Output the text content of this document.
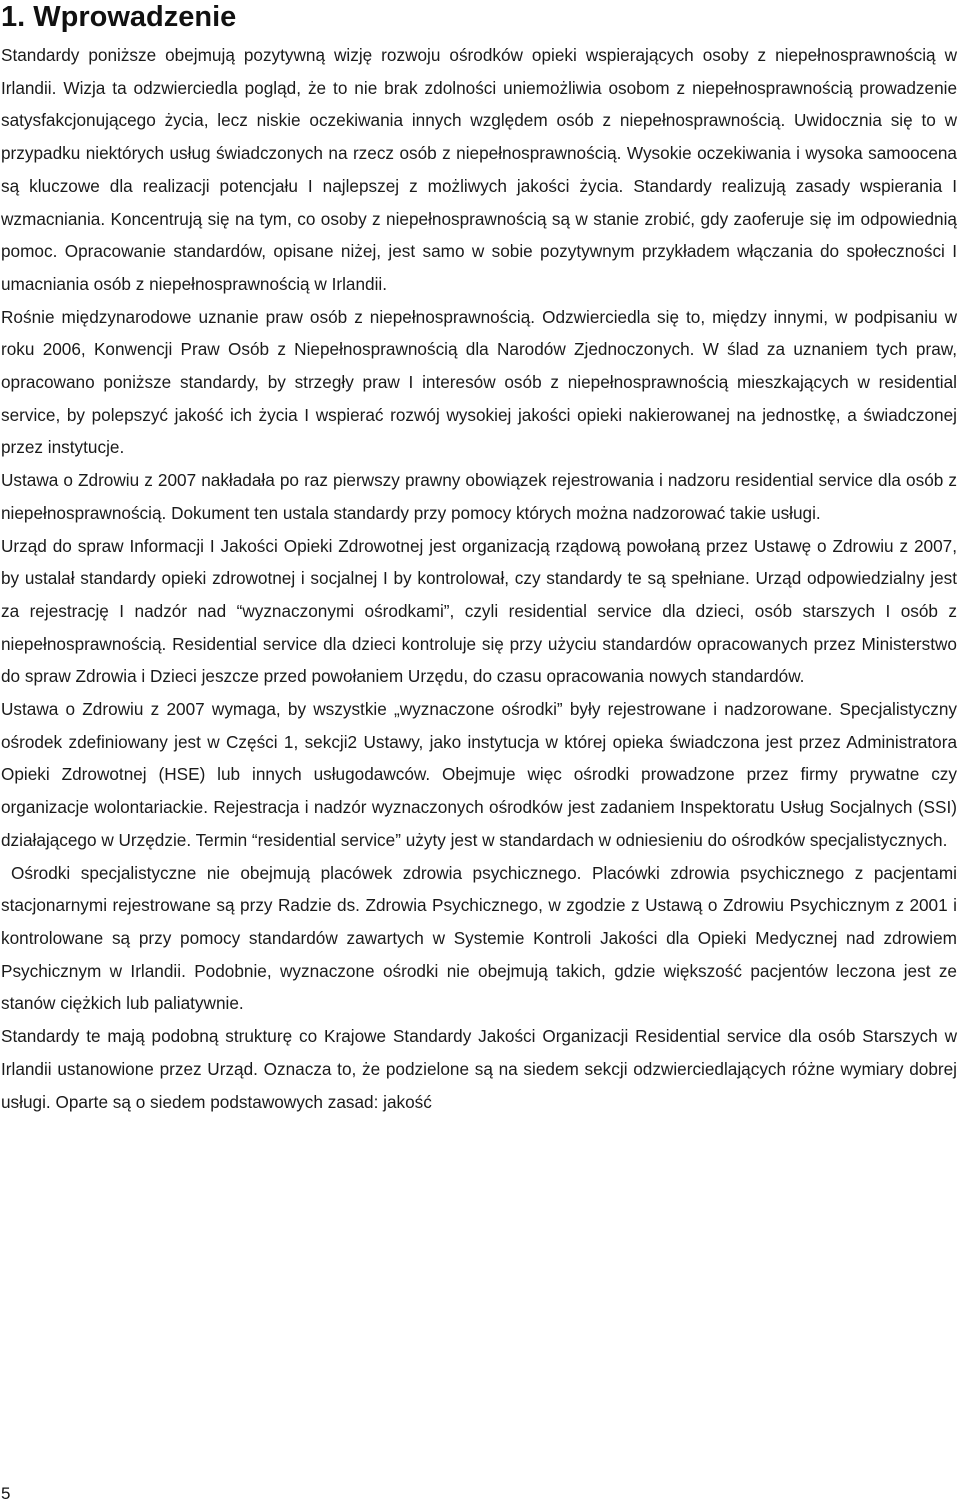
1. Wprowadzenie

Standardy poniższe obejmują pozytywną wizję rozwoju ośrodków opieki wspierających osoby z niepełnosprawnością w Irlandii. Wizja ta odzwierciedla pogląd, że to nie brak zdolności uniemożliwia osobom z niepełnosprawnością prowadzenie satysfakcjonującego życia, lecz niskie oczekiwania innych względem osób z niepełnosprawnością. Uwidocznia się to w przypadku niektórych usług świadczonych na rzecz osób z niepełnosprawnością. Wysokie oczekiwania i wysoka samoocena są kluczowe dla realizacji potencjału I najlepszej z możliwych jakości życia. Standardy realizują zasady wspierania I wzmacniania. Koncentrują się na tym, co osoby z niepełnosprawnością są w stanie zrobić, gdy zaoferuje się im odpowiednią pomoc. Opracowanie standardów, opisane niżej, jest samo w sobie pozytywnym przykładem włączania do społeczności I umacniania osób z niepełnosprawnością w Irlandii.

Rośnie międzynarodowe uznanie praw osób z niepełnosprawnością. Odzwierciedla się to, między innymi, w podpisaniu w roku 2006, Konwencji Praw Osób z Niepełnosprawnością dla Narodów Zjednoczonych. W ślad za uznaniem tych praw, opracowano poniższe standardy, by strzegły praw I interesów osób z niepełnosprawnością mieszkających w residential service, by polepszyć jakość ich życia I wspierać rozwój wysokiej jakości opieki nakierowanej na jednostkę, a świadczonej przez instytucje.

Ustawa o Zdrowiu z 2007 nakładała po raz pierwszy prawny obowiązek rejestrowania i nadzoru residential service dla osób z niepełnosprawnością. Dokument ten ustala standardy przy pomocy których można nadzorować takie usługi.

Urząd do spraw Informacji I Jakości Opieki Zdrowotnej jest organizacją rządową powołaną przez Ustawę o Zdrowiu z 2007, by ustalał standardy opieki zdrowotnej i socjalnej I by kontrolował, czy standardy te są spełniane. Urząd odpowiedzialny jest za rejestrację I nadzór nad “wyznaczonymi ośrodkami”, czyli residential service dla dzieci, osób starszych I osób z niepełnosprawnością. Residential service dla dzieci kontroluje się przy użyciu standardów opracowanych przez Ministerstwo do spraw Zdrowia i Dzieci jeszcze przed powołaniem Urzędu, do czasu opracowania nowych standardów.

Ustawa o Zdrowiu z 2007 wymaga, by wszystkie „wyznaczone ośrodki” były rejestrowane i nadzorowane. Specjalistyczny ośrodek zdefiniowany jest w Części 1, sekcji2 Ustawy, jako instytucja w której opieka świadczona jest przez Administratora Opieki Zdrowotnej (HSE) lub innych usługodawców. Obejmuje więc ośrodki prowadzone przez firmy prywatne czy organizacje wolontariackie. Rejestracja i nadzór wyznaczonych ośrodków jest zadaniem Inspektoratu Usług Socjalnych (SSI) działającego w Urzędzie. Termin “residential service” użyty jest w standardach w odniesieniu do ośrodków specjalistycznych.

Ośrodki specjalistyczne nie obejmują placówek zdrowia psychicznego. Placówki zdrowia psychicznego z pacjentami stacjonarnymi rejestrowane są przy Radzie ds. Zdrowia Psychicznego, w zgodzie z Ustawą o Zdrowiu Psychicznym z 2001 i kontrolowane są przy pomocy standardów zawartych w Systemie Kontroli Jakości dla Opieki Medycznej nad zdrowiem Psychicznym w Irlandii. Podobnie, wyznaczone ośrodki nie obejmują takich, gdzie większość pacjentów leczona jest ze stanów ciężkich lub paliatywnie.

Standardy te mają podobną strukturę co Krajowe Standardy Jakości Organizacji Residential service dla osób Starszych w Irlandii ustanowione przez Urząd. Oznacza to, że podzielone są na siedem sekcji odzwierciedlających różne wymiary dobrej usługi. Oparte są o siedem podstawowych zasad: jakość

5
